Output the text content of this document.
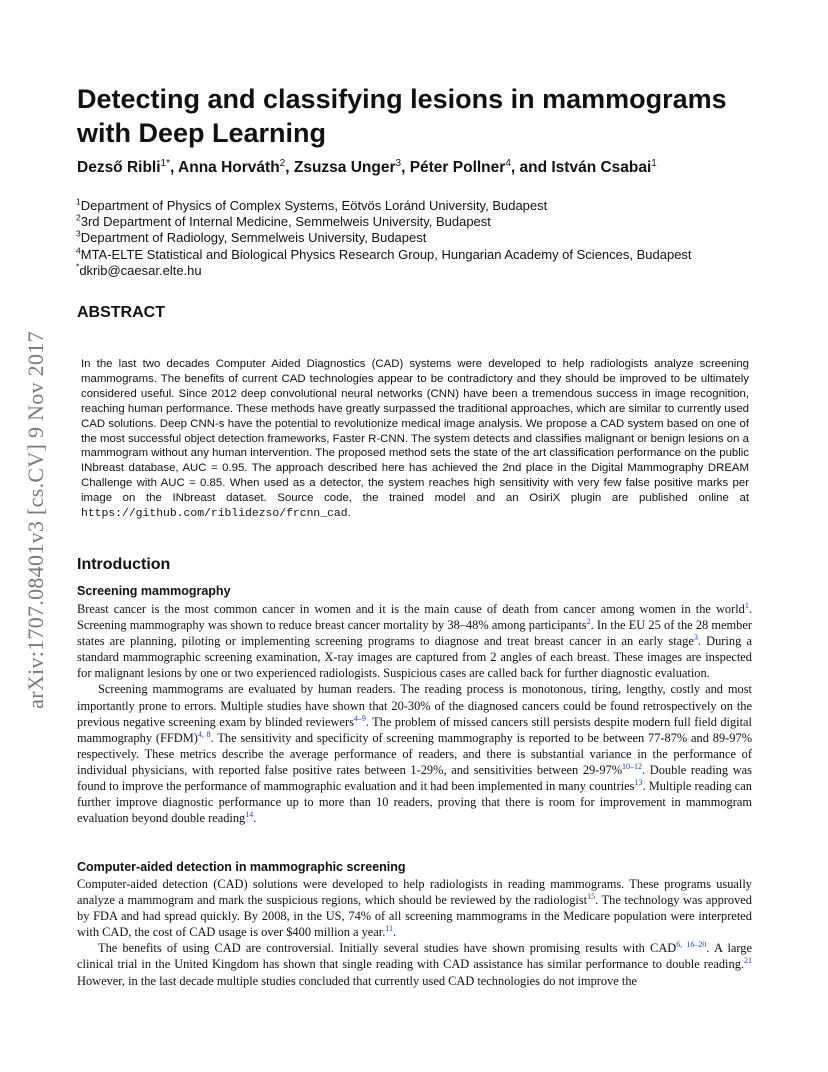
arXiv:1707.08401v3 [cs.CV] 9 Nov 2017
Detecting and classifying lesions in mammograms with Deep Learning
Dezső Ribli$^{1*}$, Anna Horváth$^2$, Zsuzsa Unger$^3$, Péter Pollner$^4$, and István Csabai$^1$
$^1$Department of Physics of Complex Systems, Eötvös Loránd University, Budapest
$^2$3rd Department of Internal Medicine, Semmelweis University, Budapest
$^3$Department of Radiology, Semmelweis University, Budapest
$^4$MTA-ELTE Statistical and Biological Physics Research Group, Hungarian Academy of Sciences, Budapest
*dkrib@caesar.elte.hu
ABSTRACT

In the last two decades Computer Aided Diagnostics (CAD) systems were developed to help radiologists analyze screening mammograms. The benefits of current CAD technologies appear to be contradictory and they should be improved to be ultimately considered useful. Since 2012 deep convolutional neural networks (CNN) have been a tremendous success in image recognition, reaching human performance. These methods have greatly surpassed the traditional approaches, which are similar to currently used CAD solutions. Deep CNN-s have the potential to revolutionize medical image analysis. We propose a CAD system based on one of the most successful object detection frameworks, Faster R-CNN. The system detects and classifies malignant or benign lesions on a mammogram without any human intervention. The proposed method sets the state of the art classification performance on the public INbreast database, AUC = 0.95. The approach described here has achieved the 2nd place in the Digital Mammography DREAM Challenge with AUC = 0.85. When used as a detector, the system reaches high sensitivity with very few false positive marks per image on the INbreast dataset. Source code, the trained model and an OsiriX plugin are published online at https://github.com/riblidezso/frcnn_cad.

Introduction
Screening mammography

Breast cancer is the most common cancer in women and it is the main cause of death from cancer among women in the world$^1$. Screening mammography was shown to reduce breast cancer mortality by 38–48% among participants$^2$. In the EU 25 of the 28 member states are planning, piloting or implementing screening programs to diagnose and treat breast cancer in an early stage$^3$. During a standard mammographic screening examination, X-ray images are captured from 2 angles of each breast. These images are inspected for malignant lesions by one or two experienced radiologists. Suspicious cases are called back for further diagnostic evaluation.

Screening mammograms are evaluated by human readers. The reading process is monotonous, tiring, lengthy, costly and most importantly prone to errors. Multiple studies have shown that 20-30% of the diagnosed cancers could be found retrospectively on the previous negative screening exam by blinded reviewers$^{4-9}$. The problem of missed cancers still persists despite modern full field digital mammography (FFDM)$^{4, 8}$. The sensitivity and specificity of screening mammography is reported to be between 77-87% and 89-97% respectively. These metrics describe the average performance of readers, and there is substantial variance in the performance of individual physicians, with reported false positive rates between 1-29%, and sensitivities between 29-97%$^{10-12}$. Double reading was found to improve the performance of mammographic evaluation and it had been implemented in many countries$^{13}$. Multiple reading can further improve diagnostic performance up to more than 10 readers, proving that there is room for improvement in mammogram evaluation beyond double reading$^{14}$.

Computer-aided detection in mammographic screening

Computer-aided detection (CAD) solutions were developed to help radiologists in reading mammograms. These programs usually analyze a mammogram and mark the suspicious regions, which should be reviewed by the radiologist$^{15}$. The technology was approved by FDA and had spread quickly. By 2008, in the US, 74% of all screening mammograms in the Medicare population were interpreted with CAD, the cost of CAD usage is over $400 million a year.$^{11}$.

The benefits of using CAD are controversial. Initially several studies have shown promising results with CAD$^{6, 16-20}$. A large clinical trial in the United Kingdom has shown that single reading with CAD assistance has similar performance to double reading.$^{21}$ However, in the last decade multiple studies concluded that currently used CAD technologies do not improve the
